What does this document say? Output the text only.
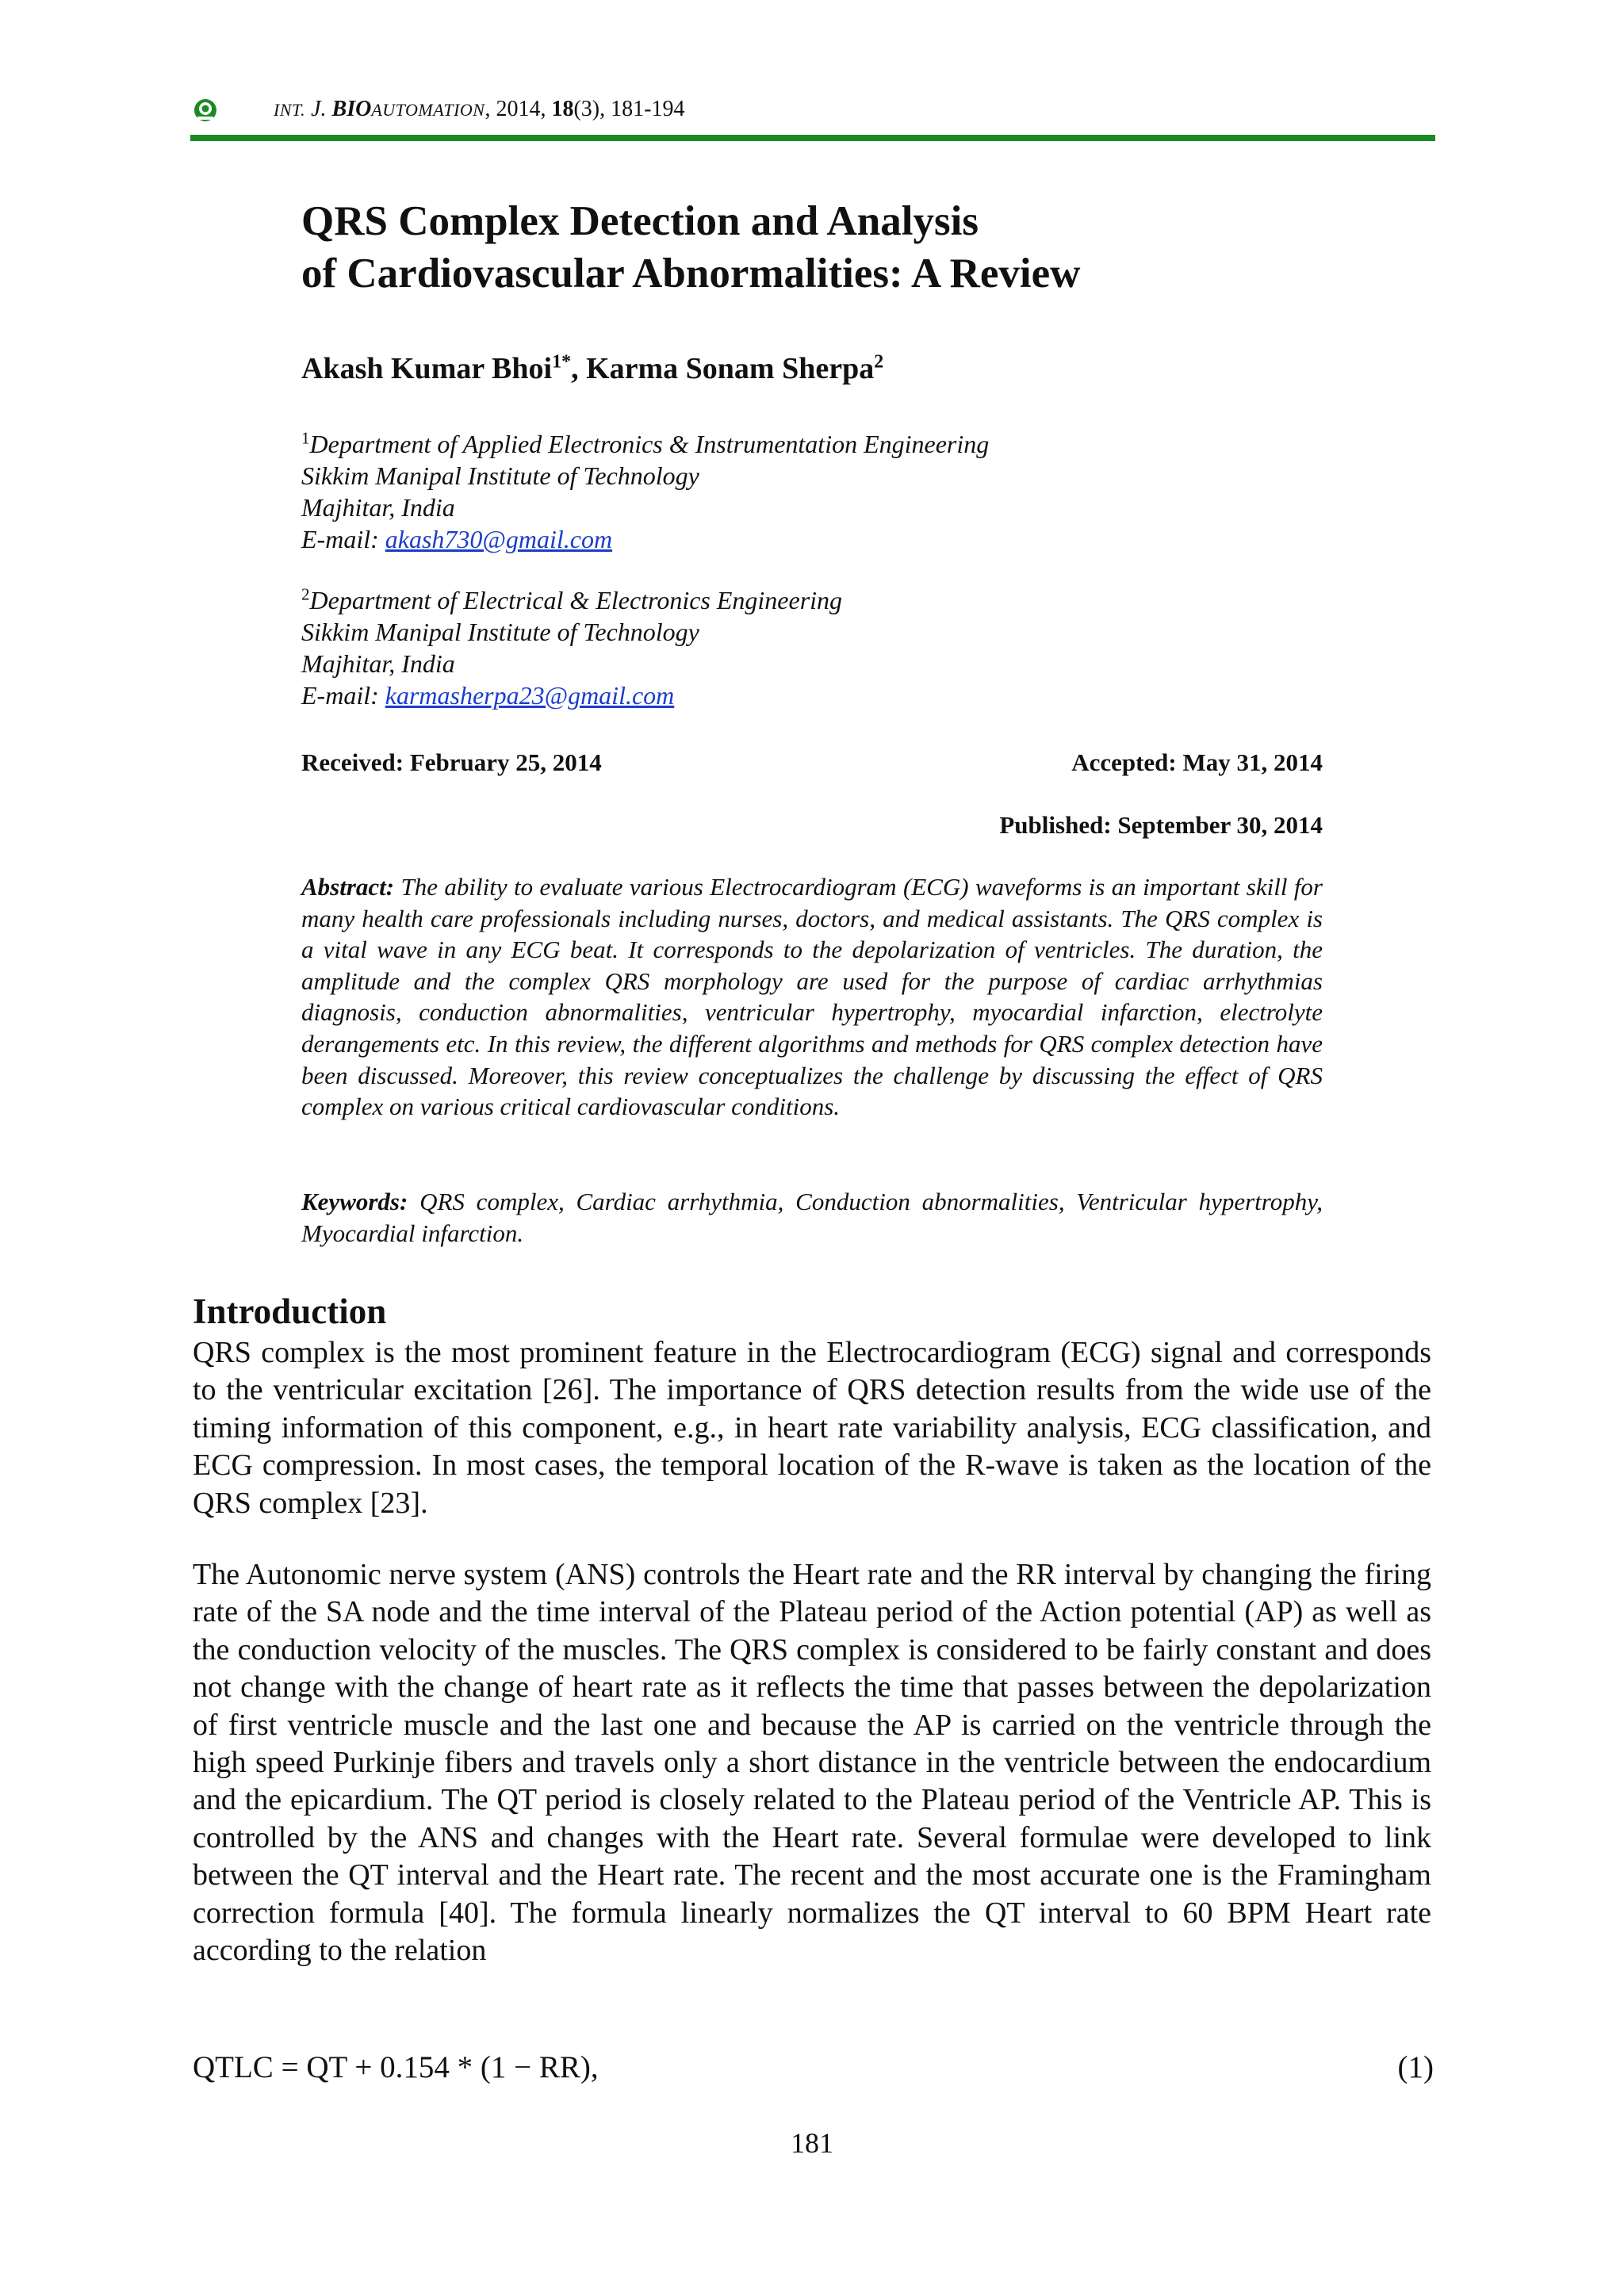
INT. J. BIOAUTOMATION, 2014, 18(3), 181-194
QRS Complex Detection and Analysis
of Cardiovascular Abnormalities: A Review
Akash Kumar Bhoi$^{1*}$, Karma Sonam Sherpa$^2$
$^1$Department of Applied Electronics & Instrumentation Engineering
Sikkim Manipal Institute of Technology
Majhitar, India
E-mail: akash730@gmail.com
$^2$Department of Electrical & Electronics Engineering
Sikkim Manipal Institute of Technology
Majhitar, India
E-mail: karmasherpa23@gmail.com
Received: February 25, 2014	Accepted: May 31, 2014
Published: September 30, 2014
Abstract: The ability to evaluate various Electrocardiogram (ECG) waveforms is an important skill for many health care professionals including nurses, doctors, and medical assistants. The QRS complex is a vital wave in any ECG beat. It corresponds to the depolarization of ventricles. The duration, the amplitude and the complex QRS morphology are used for the purpose of cardiac arrhythmias diagnosis, conduction abnormalities, ventricular hypertrophy, myocardial infarction, electrolyte derangements etc. In this review, the different algorithms and methods for QRS complex detection have been discussed. Moreover, this review conceptualizes the challenge by discussing the effect of QRS complex on various critical cardiovascular conditions.
Keywords: QRS complex, Cardiac arrhythmia, Conduction abnormalities, Ventricular hypertrophy, Myocardial infarction.
Introduction
QRS complex is the most prominent feature in the Electrocardiogram (ECG) signal and corresponds to the ventricular excitation [26]. The importance of QRS detection results from the wide use of the timing information of this component, e.g., in heart rate variability analysis, ECG classification, and ECG compression. In most cases, the temporal location of the R-wave is taken as the location of the QRS complex [23].
The Autonomic nerve system (ANS) controls the Heart rate and the RR interval by changing the firing rate of the SA node and the time interval of the Plateau period of the Action potential (AP) as well as the conduction velocity of the muscles. The QRS complex is considered to be fairly constant and does not change with the change of heart rate as it reflects the time that passes between the depolarization of first ventricle muscle and the last one and because the AP is carried on the ventricle through the high speed Purkinje fibers and travels only a short distance in the ventricle between the endocardium and the epicardium. The QT period is closely related to the Plateau period of the Ventricle AP. This is controlled by the ANS and changes with the Heart rate. Several formulae were developed to link between the QT interval and the Heart rate. The recent and the most accurate one is the Framingham correction formula [40]. The formula linearly normalizes the QT interval to 60 BPM Heart rate according to the relation
QTLC = QT + 0.154 * (1 − RR),	(1)
181
